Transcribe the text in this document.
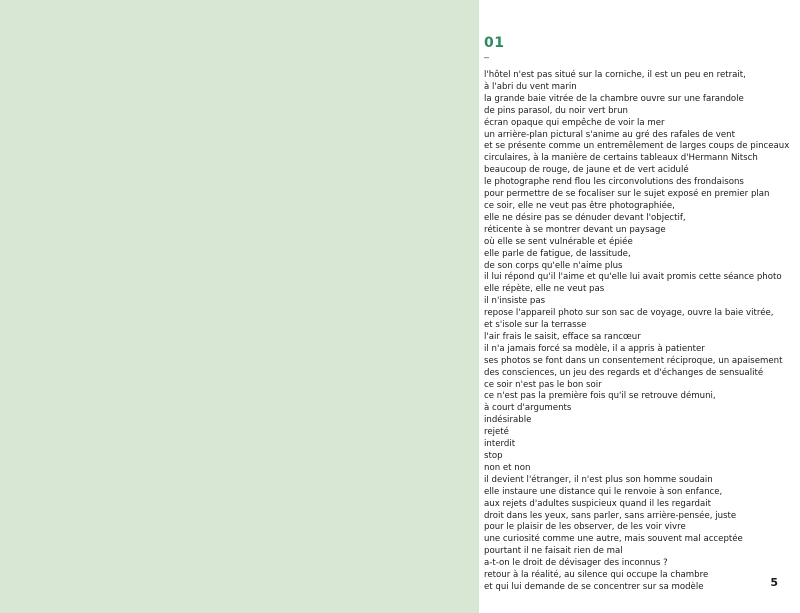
01
–
l'hôtel n'est pas situé sur la corniche, il est un peu en retrait,
à l'abri du vent marin
la grande baie vitrée de la chambre ouvre sur une farandole
de pins parasol, du noir vert brun
écran opaque qui empêche de voir la mer
un arrière-plan pictural s'anime au gré des rafales de vent
et se présente comme un entremêlement de larges coups de pinceaux
circulaires, à la manière de certains tableaux d'Hermann Nitsch
beaucoup de rouge, de jaune et de vert acidulé
le photographe rend flou les circonvolutions des frondaisons
pour permettre de se focaliser sur le sujet exposé en premier plan
ce soir, elle ne veut pas être photographiée,
elle ne désire pas se dénuder devant l'objectif,
réticente à se montrer devant un paysage
où elle se sent vulnérable et épiée
elle parle de fatigue, de lassitude,
de son corps qu'elle n'aime plus
il lui répond qu'il l'aime et qu'elle lui avait promis cette séance photo
elle répète, elle ne veut pas
il n'insiste pas
repose l'appareil photo sur son sac de voyage, ouvre la baie vitrée,
et s'isole sur la terrasse
l'air frais le saisit, efface sa rancœur
il n'a jamais forcé sa modèle, il a appris à patienter
ses photos se font dans un consentement réciproque, un apaisement
des consciences, un jeu des regards et d'échanges de sensualité
ce soir n'est pas le bon soir
ce n'est pas la première fois qu'il se retrouve démuni,
à court d'arguments
indésirable
rejeté
interdit
stop
non et non
il devient l'étranger, il n'est plus son homme soudain
elle instaure une distance qui le renvoie à son enfance,
aux rejets d'adultes suspicieux quand il les regardait
droit dans les yeux, sans parler, sans arrière-pensée, juste
pour le plaisir de les observer, de les voir vivre
une curiosité comme une autre, mais souvent mal acceptée
pourtant il ne faisait rien de mal
a-t-on le droit de dévisager des inconnus ?
retour à la réalité, au silence qui occupe la chambre
et qui lui demande de se concentrer sur sa modèle	5
